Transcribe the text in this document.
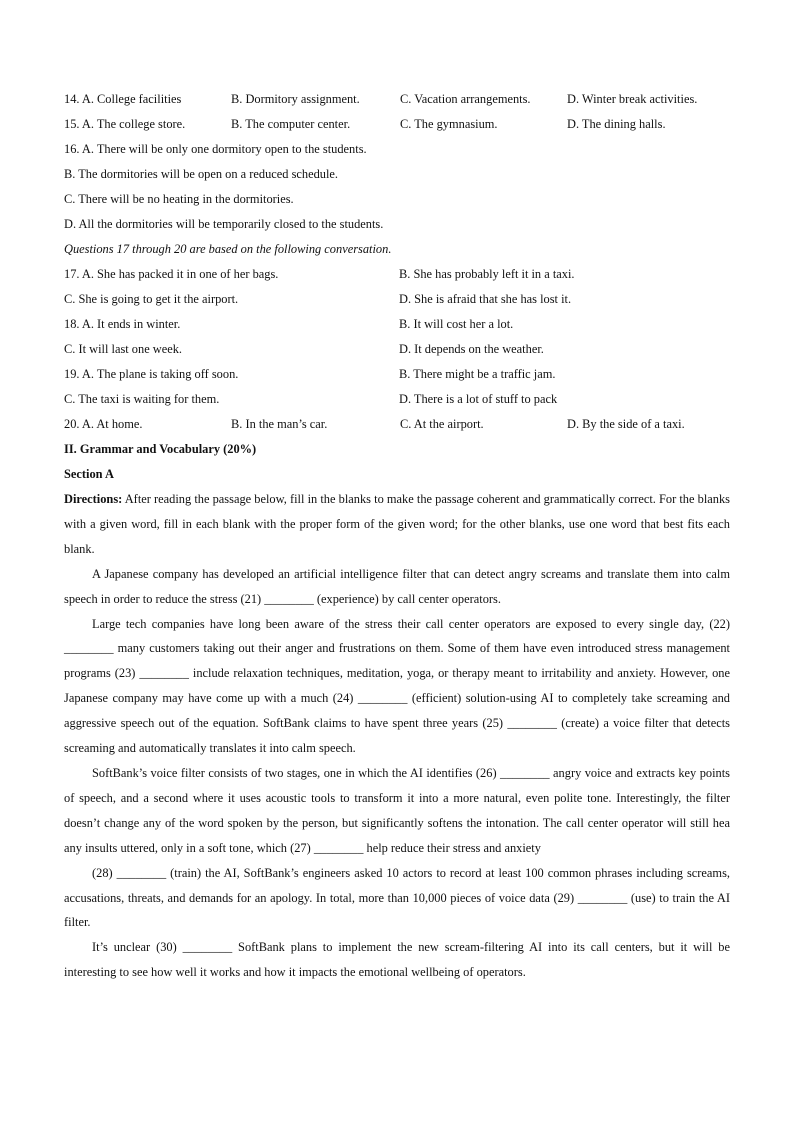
14. A. College facilities	B. Dormitory assignment.	C. Vacation arrangements.	D. Winter break activities.
15. A. The college store.	B. The computer center.	C. The gymnasium.	D. The dining halls.
16. A. There will be only one dormitory open to the students.
B. The dormitories will be open on a reduced schedule.
C. There will be no heating in the dormitories.
D. All the dormitories will be temporarily closed to the students.
Questions 17 through 20 are based on the following conversation.
17. A. She has packed it in one of her bags.	B. She has probably left it in a taxi.
C. She is going to get it the airport.	D. She is afraid that she has lost it.
18. A. It ends in winter.	B. It will cost her a lot.
C. It will last one week.	D. It depends on the weather.
19. A. The plane is taking off soon.	B. There might be a traffic jam.
C. The taxi is waiting for them.	D. There is a lot of stuff to pack
20. A. At home.	B. In the man’s car.	C. At the airport.	D. By the side of a taxi.
II. Grammar and Vocabulary (20%)
Section A

Directions: After reading the passage below, fill in the blanks to make the passage coherent and grammatically correct. For the blanks with a given word, fill in each blank with the proper form of the given word; for the other blanks, use one word that best fits each blank.

A Japanese company has developed an artificial intelligence filter that can detect angry screams and translate them into calm speech in order to reduce the stress (21) ________ (experience) by call center operators.

Large tech companies have long been aware of the stress their call center operators are exposed to every single day, (22) ________ many customers taking out their anger and frustrations on them. Some of them have even introduced stress management programs (23) ________ include relaxation techniques, meditation, yoga, or therapy meant to irritability and anxiety. However, one Japanese company may have come up with a much (24) ________ (efficient) solution-using AI to completely take screaming and aggressive speech out of the equation. SoftBank claims to have spent three years (25) ________ (create) a voice filter that detects screaming and automatically translates it into calm speech.

SoftBank’s voice filter consists of two stages, one in which the AI identifies (26) ________ angry voice and extracts key points of speech, and a second where it uses acoustic tools to transform it into a more natural, even polite tone. Interestingly, the filter doesn’t change any of the word spoken by the person, but significantly softens the intonation. The call center operator will still hea any insults uttered, only in a soft tone, which (27) ________ help reduce their stress and anxiety

(28) ________ (train) the AI, SoftBank’s engineers asked 10 actors to record at least 100 common phrases including screams, accusations, threats, and demands for an apology. In total, more than 10,000 pieces of voice data (29) ________ (use) to train the AI filter.

It’s unclear (30) ________ SoftBank plans to implement the new scream-filtering AI into its call centers, but it will be interesting to see how well it works and how it impacts the emotional wellbeing of operators.
